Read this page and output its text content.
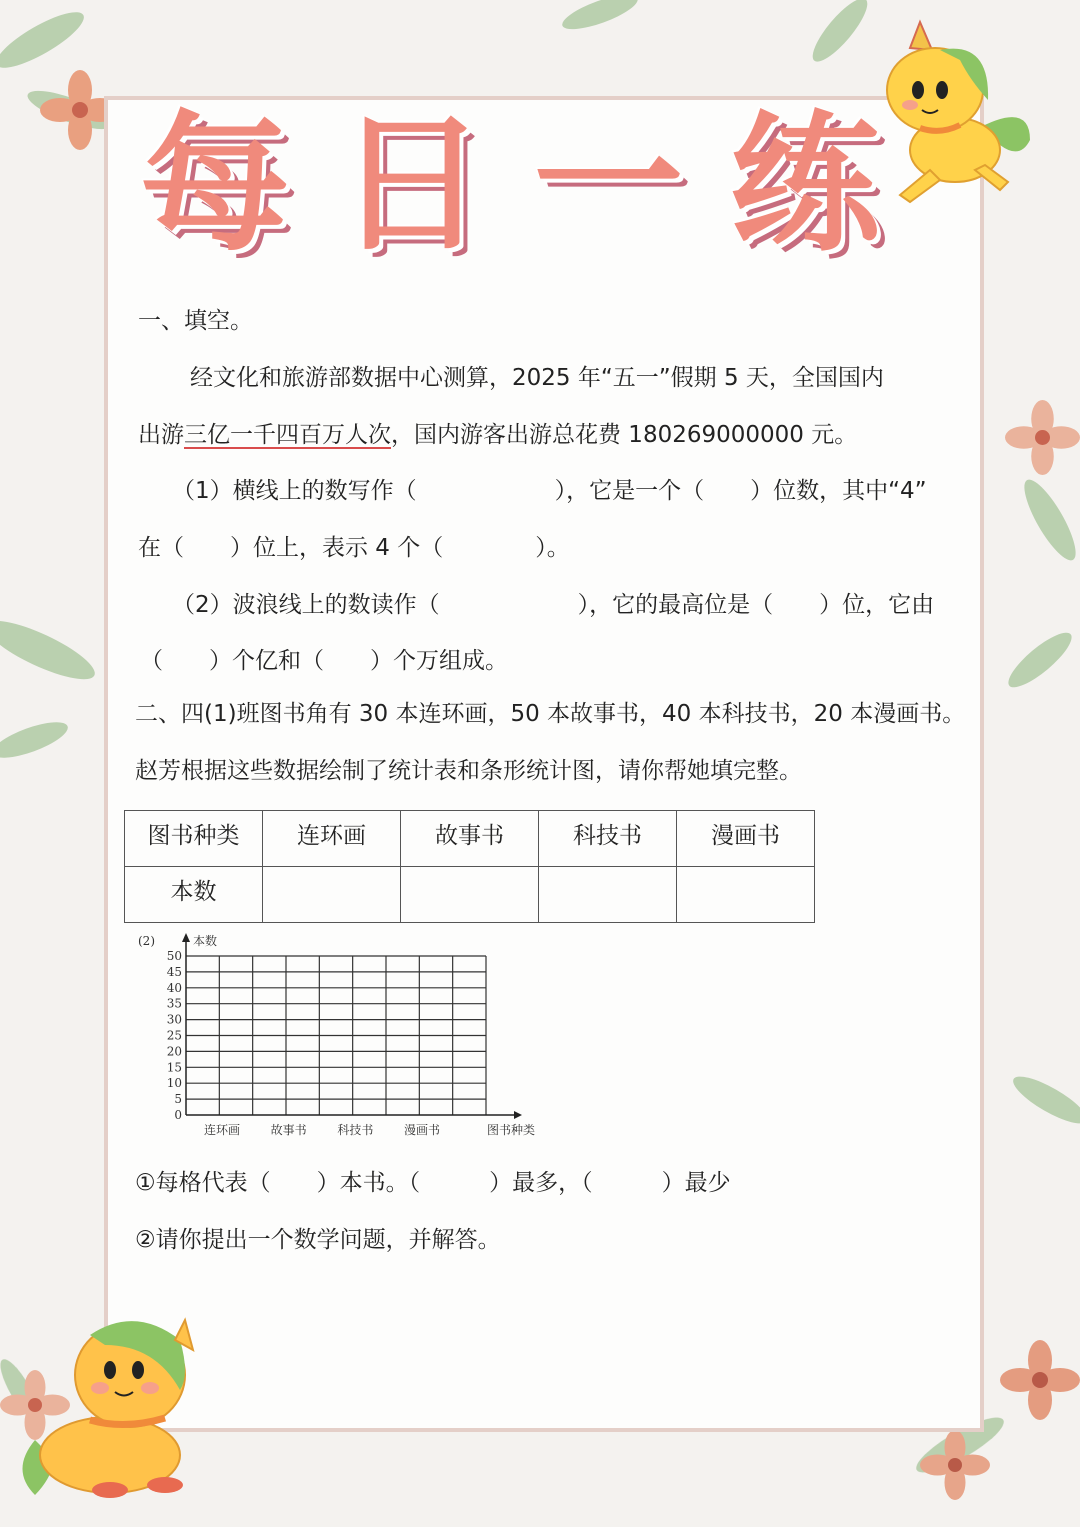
每 日 一 练
一、填空。
经文化和旅游部数据中心测算，2025 年“五一”假期 5 天，全国国内
出游三亿一千四百万人次，国内游客出游总花费 180269000000 元。
（1）横线上的数写作（　　　　　　），它是一个（　　）位数，其中“4”
在（　　）位上，表示 4 个（　　　　）。
（2）波浪线上的数读作（　　　　　　），它的最高位是（　　）位，它由
（　　）个亿和（　　）个万组成。
二、四(1)班图书角有 30 本连环画，50 本故事书，40 本科技书，20 本漫画书。
赵芳根据这些数据绘制了统计表和条形统计图，请你帮她填完整。
图书种类	连环画	故事书	科技书	漫画书
本数				
0
5
10
15
20
25
30
35
40
45
50
(2)	本数
图书种类
连环画	故事书	科技书	漫画书
①每格代表（　　）本书。（　　　）最多，（　　　）最少
②请你提出一个数学问题，并解答。
